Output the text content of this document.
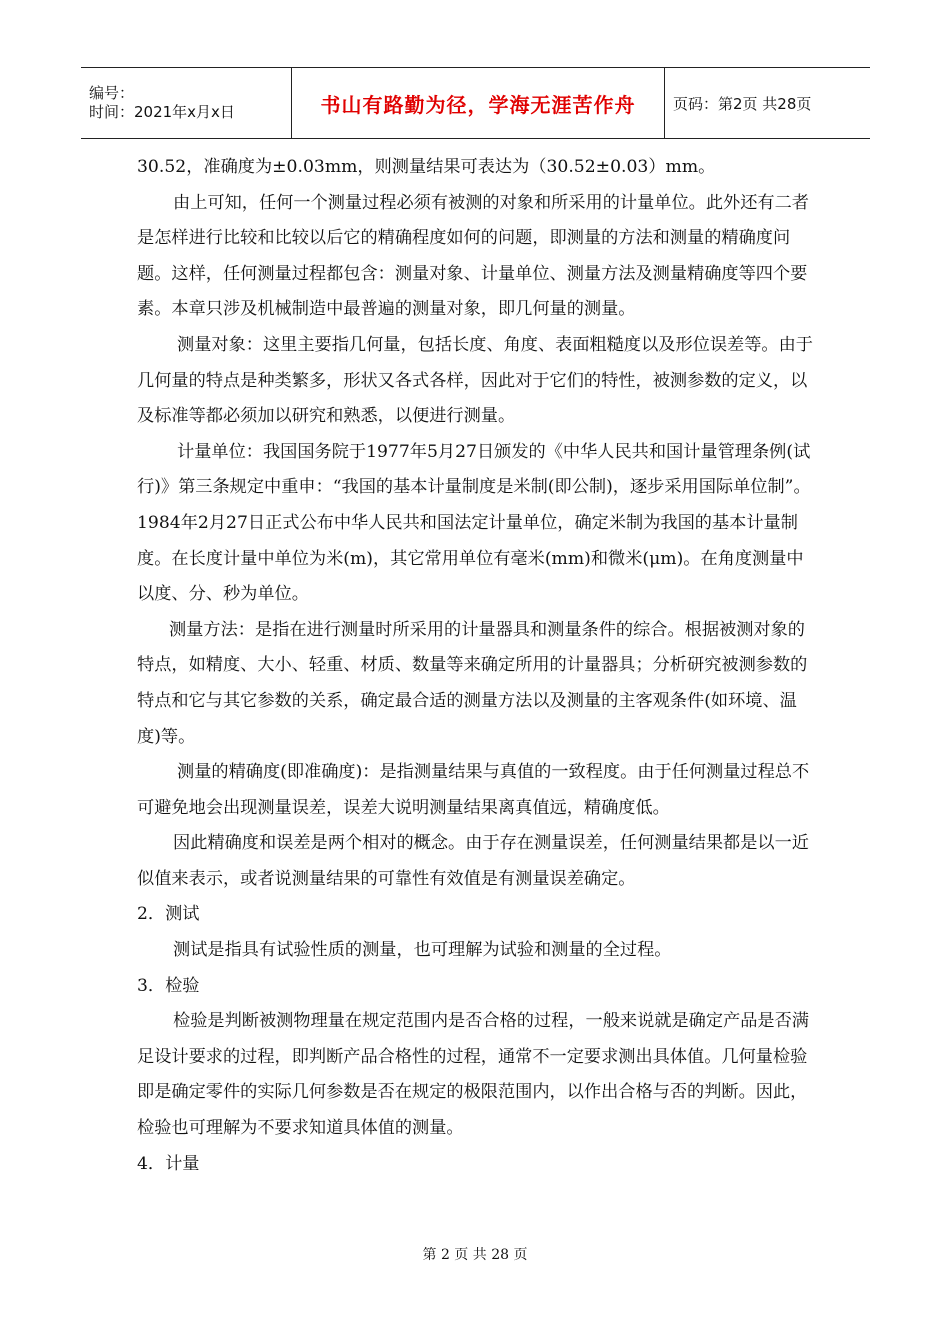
编号：
时间：2021年x月x日	书山有路勤为径，学海无涯苦作舟	页码：第2页 共28页

30.52，准确度为±0.03mm，则测量结果可表达为（30.52±0.03）mm。

由上可知，任何一个测量过程必须有被测的对象和所采用的计量单位。此外还有二者是怎样进行比较和比较以后它的精确程度如何的问题，即测量的方法和测量的精确度问题。这样，任何测量过程都包含：测量对象、计量单位、测量方法及测量精确度等四个要素。本章只涉及机械制造中最普遍的测量对象，即几何量的测量。

测量对象：这里主要指几何量，包括长度、角度、表面粗糙度以及形位误差等。由于几何量的特点是种类繁多，形状又各式各样，因此对于它们的特性，被测参数的定义，以及标准等都必须加以研究和熟悉，以便进行测量。

计量单位：我国国务院于1977年5月27日颁发的《中华人民共和国计量管理条例(试行)》第三条规定中重申：“我国的基本计量制度是米制(即公制)，逐步采用国际单位制”。1984年2月27日正式公布中华人民共和国法定计量单位，确定米制为我国的基本计量制度。在长度计量中单位为米(m)，其它常用单位有毫米(mm)和微米(μm)。在角度测量中以度、分、秒为单位。

测量方法：是指在进行测量时所采用的计量器具和测量条件的综合。根据被测对象的特点，如精度、大小、轻重、材质、数量等来确定所用的计量器具；分析研究被测参数的特点和它与其它参数的关系，确定最合适的测量方法以及测量的主客观条件(如环境、温度)等。

测量的精确度(即准确度)：是指测量结果与真值的一致程度。由于任何测量过程总不可避免地会出现测量误差，误差大说明测量结果离真值远，精确度低。

因此精确度和误差是两个相对的概念。由于存在测量误差，任何测量结果都是以一近似值来表示，或者说测量结果的可靠性有效值是有测量误差确定。

2．测试

测试是指具有试验性质的测量，也可理解为试验和测量的全过程。

3．检验

检验是判断被测物理量在规定范围内是否合格的过程，一般来说就是确定产品是否满足设计要求的过程，即判断产品合格性的过程，通常不一定要求测出具体值。几何量检验即是确定零件的实际几何参数是否在规定的极限范围内，以作出合格与否的判断。因此，检验也可理解为不要求知道具体值的测量。

4．计量

第 2 页 共 28 页
